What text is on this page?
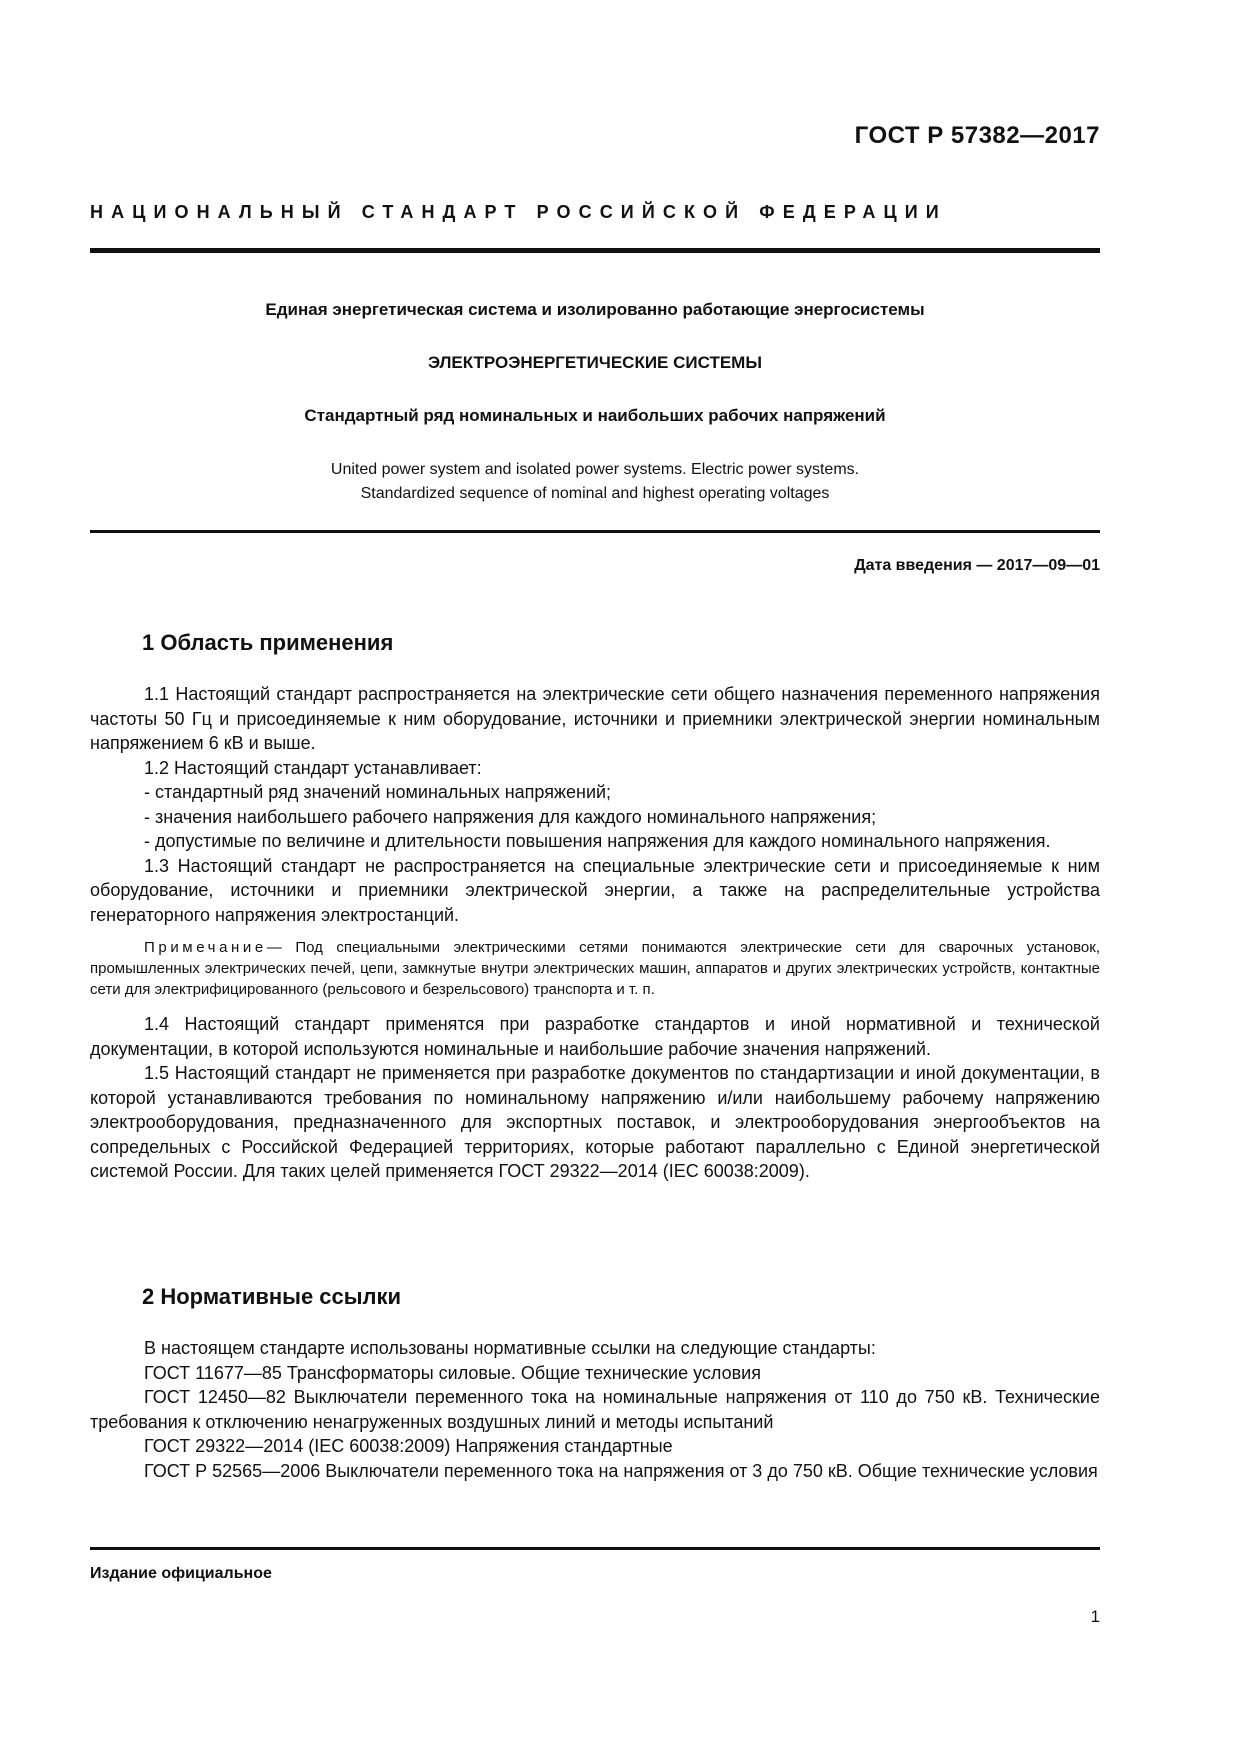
ГОСТ Р 57382—2017
НАЦИОНАЛЬНЫЙ СТАНДАРТ РОССИЙСКОЙ ФЕДЕРАЦИИ
Единая энергетическая система и изолированно работающие энергосистемы
ЭЛЕКТРОЭНЕРГЕТИЧЕСКИЕ СИСТЕМЫ
Стандартный ряд номинальных и наибольших рабочих напряжений
United power system and isolated power systems. Electric power systems.
Standardized sequence of nominal and highest operating voltages
Дата введения — 2017—09—01
1 Область применения

1.1 Настоящий стандарт распространяется на электрические сети общего назначения переменного напряжения частоты 50 Гц и присоединяемые к ним оборудование, источники и приемники электрической энергии номинальным напряжением 6 кВ и выше.

1.2 Настоящий стандарт устанавливает:

- стандартный ряд значений номинальных напряжений;

- значения наибольшего рабочего напряжения для каждого номинального напряжения;

- допустимые по величине и длительности повышения напряжения для каждого номинального напряжения.

1.3 Настоящий стандарт не распространяется на специальные электрические сети и присоединяемые к ним оборудование, источники и приемники электрической энергии, а также на распределительные устройства генераторного напряжения электростанций.

Примечание— Под специальными электрическими сетями понимаются электрические сети для сварочных установок, промышленных электрических печей, цепи, замкнутые внутри электрических машин, аппаратов и других электрических устройств, контактные сети для электрифицированного (рельсового и безрельсового) транспорта и т. п.

1.4 Настоящий стандарт применятся при разработке стандартов и иной нормативной и технической документации, в которой используются номинальные и наибольшие рабочие значения напряжений.

1.5 Настоящий стандарт не применяется при разработке документов по стандартизации и иной документации, в которой устанавливаются требования по номинальному напряжению и/или наибольшему рабочему напряжению электрооборудования, предназначенного для экспортных поставок, и электрооборудования энергообъектов на сопредельных с Российской Федерацией территориях, которые работают параллельно с Единой энергетической системой России. Для таких целей применяется ГОСТ 29322—2014 (IEC 60038:2009).

2 Нормативные ссылки

В настоящем стандарте использованы нормативные ссылки на следующие стандарты:

ГОСТ 11677—85 Трансформаторы силовые. Общие технические условия

ГОСТ 12450—82 Выключатели переменного тока на номинальные напряжения от 110 до 750 кВ. Технические требования к отключению ненагруженных воздушных линий и методы испытаний

ГОСТ 29322—2014 (IEC 60038:2009) Напряжения стандартные

ГОСТ Р 52565—2006 Выключатели переменного тока на напряжения от 3 до 750 кВ. Общие технические условия

Издание официальное
1
